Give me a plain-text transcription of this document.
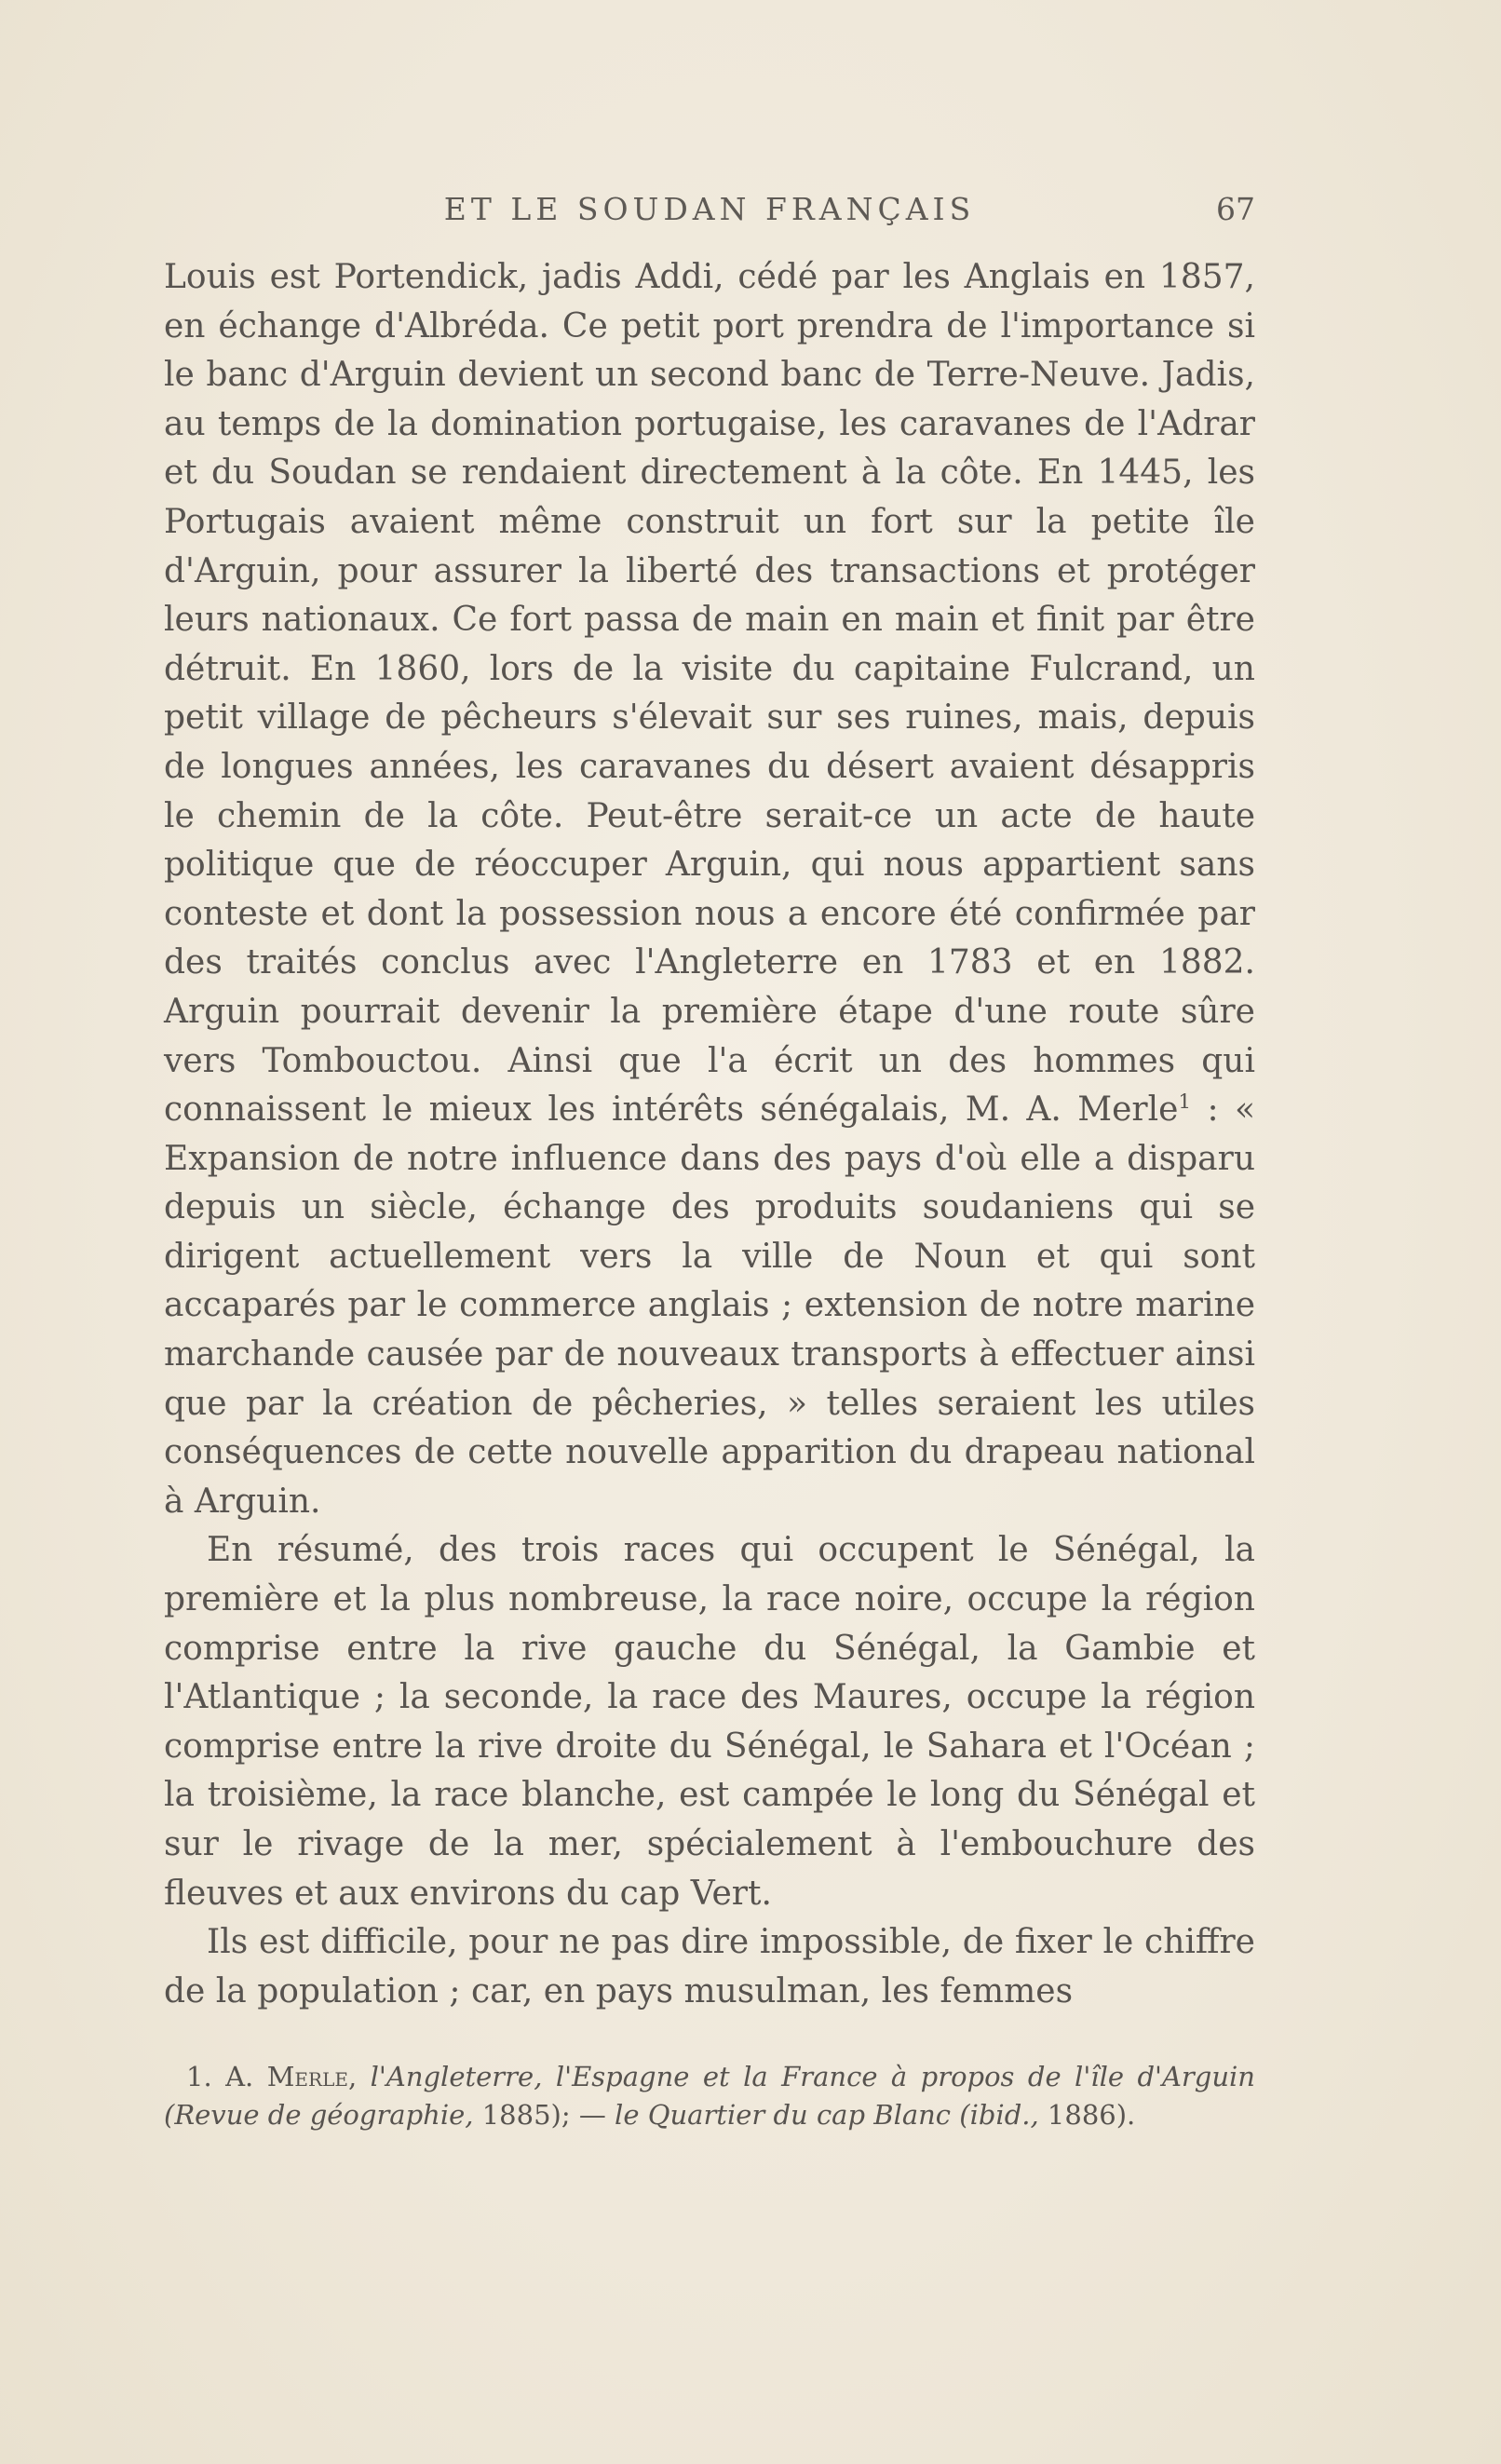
ET LE SOUDAN FRANÇAIS	67

Louis est Portendick, jadis Addi, cédé par les Anglais en 1857, en échange d'Albréda. Ce petit port prendra de l'importance si le banc d'Arguin devient un second banc de Terre-Neuve. Jadis, au temps de la domination portugaise, les caravanes de l'Adrar et du Soudan se rendaient directement à la côte. En 1445, les Portugais avaient même construit un fort sur la petite île d'Arguin, pour assurer la liberté des transactions et protéger leurs nationaux. Ce fort passa de main en main et finit par être détruit. En 1860, lors de la visite du capitaine Fulcrand, un petit village de pêcheurs s'élevait sur ses ruines, mais, depuis de longues années, les caravanes du désert avaient désappris le chemin de la côte. Peut-être serait-ce un acte de haute politique que de réoccuper Arguin, qui nous appartient sans conteste et dont la possession nous a encore été confirmée par des traités conclus avec l'Angleterre en 1783 et en 1882. Arguin pourrait devenir la première étape d'une route sûre vers Tombouctou. Ainsi que l'a écrit un des hommes qui connaissent le mieux les intérêts sénégalais, M. A. Merle$^1$ : « Expansion de notre influence dans des pays d'où elle a disparu depuis un siècle, échange des produits soudaniens qui se dirigent actuellement vers la ville de Noun et qui sont accaparés par le commerce anglais ; extension de notre marine marchande causée par de nouveaux transports à effectuer ainsi que par la création de pêcheries, » telles seraient les utiles conséquences de cette nouvelle apparition du drapeau national à Arguin.

En résumé, des trois races qui occupent le Sénégal, la première et la plus nombreuse, la race noire, occupe la région comprise entre la rive gauche du Sénégal, la Gambie et l'Atlantique ; la seconde, la race des Maures, occupe la région comprise entre la rive droite du Sénégal, le Sahara et l'Océan ; la troisième, la race blanche, est campée le long du Sénégal et sur le rivage de la mer, spécialement à l'embouchure des fleuves et aux environs du cap Vert.

Ils est difficile, pour ne pas dire impossible, de fixer le chiffre de la population ; car, en pays musulman, les femmes

1. A. Merle, l'Angleterre, l'Espagne et la France à propos de l'île d'Arguin (Revue de géographie, 1885); — le Quartier du cap Blanc (ibid., 1886).
